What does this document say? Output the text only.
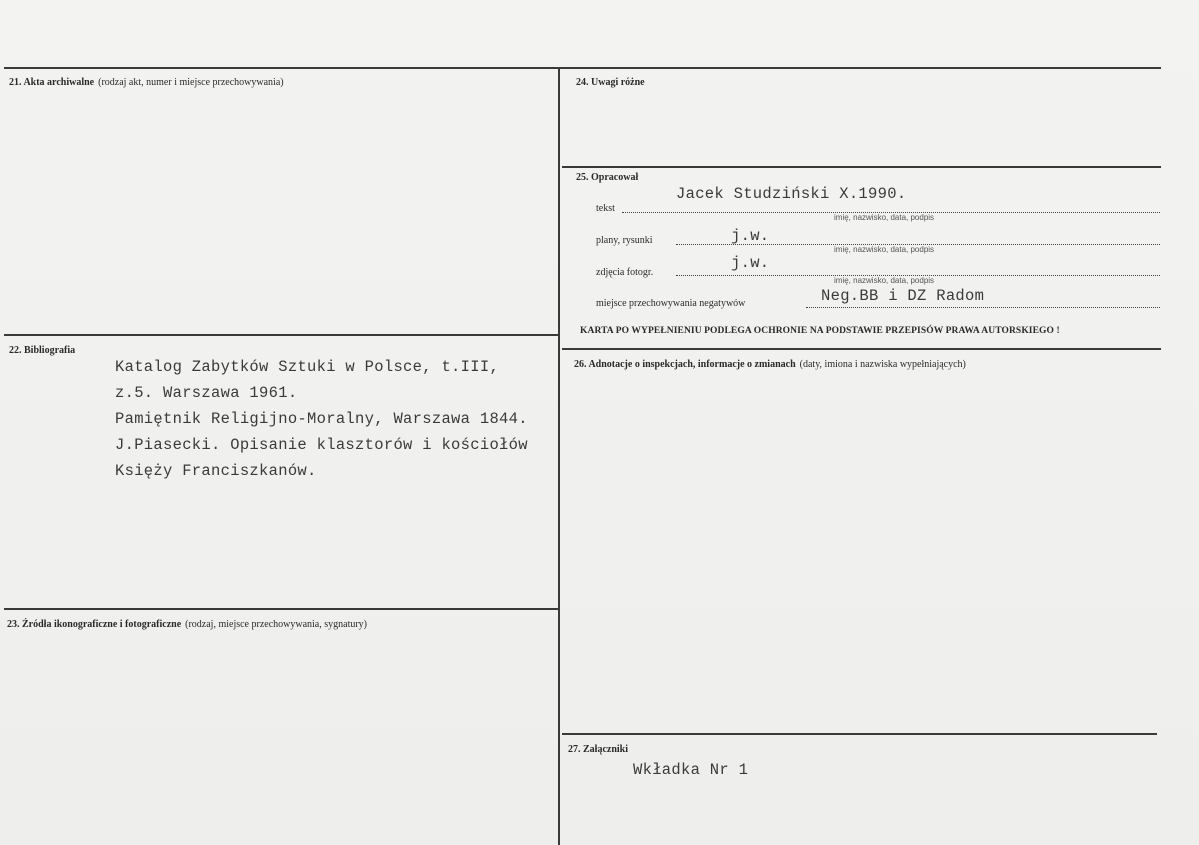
21. Akta archiwalne (rodzaj akt, numer i miejsce przechowywania)
22. Bibliografia
Katalog Zabytków Sztuki w Polsce, t.III,
z.5. Warszawa 1961.
Pamiętnik Religijno-Moralny, Warszawa 1844.
J.Piasecki. Opisanie klasztorów i kościołów
Księży Franciszkanów.
23. Źródła ikonograficzne i fotograficzne (rodzaj, miejsce przechowywania, sygnatury)
24. Uwagi różne
25. Opracował
Jacek Studziński X.1990.
tekst
imię, nazwisko, data, podpis
plany, rysunki	j.w.
imię, nazwisko, data, podpis
zdjęcia fotogr.
j.w.
imię, nazwisko, data, podpis
miejsce przechowywania negatywów	Neg.BB i DZ Radom
KARTA PO WYPEŁNIENIU PODLEGA OCHRONIE NA PODSTAWIE PRZEPISÓW PRAWA AUTORSKIEGO !
26. Adnotacje o inspekcjach, informacje o zmianach (daty, imiona i nazwiska wypełniających)
27. Załączniki
Wkładka Nr 1
